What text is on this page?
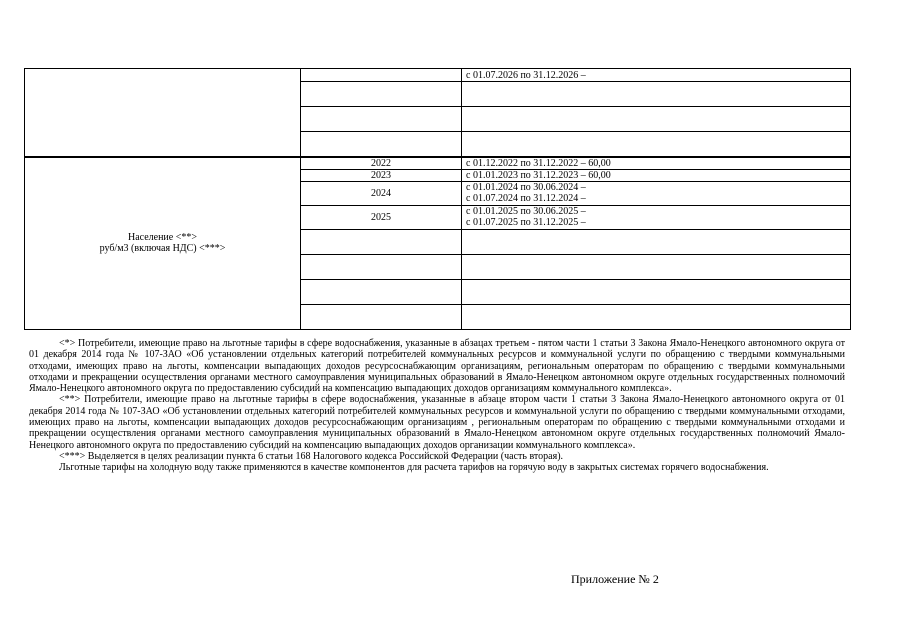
		с 01.07.2026 по 31.12.2026 –

Население <**>
руб/м3 (включая НДС) <***>	2022	с 01.12.2022 по 31.12.2022 – 60,00
	2023	с 01.01.2023 по 31.12.2023 – 60,00
	2024	с 01.01.2024 по 30.06.2024 –
с 01.07.2024 по 31.12.2024 –

	2025	с 01.01.2025 по 30.06.2025 –
с 01.07.2025 по 31.12.2025 –

<*> Потребители, имеющие право на льготные тарифы в сфере водоснабжения, указанные в абзацах третьем - пятом части 1 статьи 3 Закона Ямало-Ненецкого автономного округа от 01 декабря 2014 года № 107-ЗАО «Об установлении отдельных категорий потребителей коммунальных ресурсов и коммунальной услуги по обращению с твердыми коммунальными отходами, имеющих право на льготы, компенсации выпадающих доходов ресурсоснабжающим организациям, региональным операторам по обращению с твердыми коммунальными отходами и прекращении осуществления органами местного самоуправления муниципальных образований в Ямало-Ненецком автономном округе отдельных государственных полномочий Ямало-Ненецкого автономного округа по предоставлению субсидий на компенсацию выпадающих доходов организациям коммунального комплекса».

<**> Потребители, имеющие право на льготные тарифы в сфере водоснабжения, указанные в абзаце втором части 1 статьи 3 Закона Ямало-Ненецкого автономного округа от 01 декабря 2014 года № 107-ЗАО «Об установлении отдельных категорий потребителей коммунальных ресурсов и коммунальной услуги по обращению с твердыми коммунальными отходами, имеющих право на льготы, компенсации выпадающих доходов ресурсоснабжающим организациям , региональным операторам по обращению с твердыми коммунальными отходами и прекращении осуществления органами местного самоуправления муниципальных образований в Ямало-Ненецком автономном округе отдельных государственных полномочий Ямало-Ненецкого автономного округа по предоставлению субсидий на компенсацию выпадающих доходов организации коммунального комплекса».

<***> Выделяется в целях реализации пункта 6 статьи 168 Налогового кодекса Российской Федерации (часть вторая).

Льготные тарифы на холодную воду также применяются в качестве компонентов для расчета тарифов на горячую воду в закрытых системах горячего водоснабжения.

Приложение № 2
